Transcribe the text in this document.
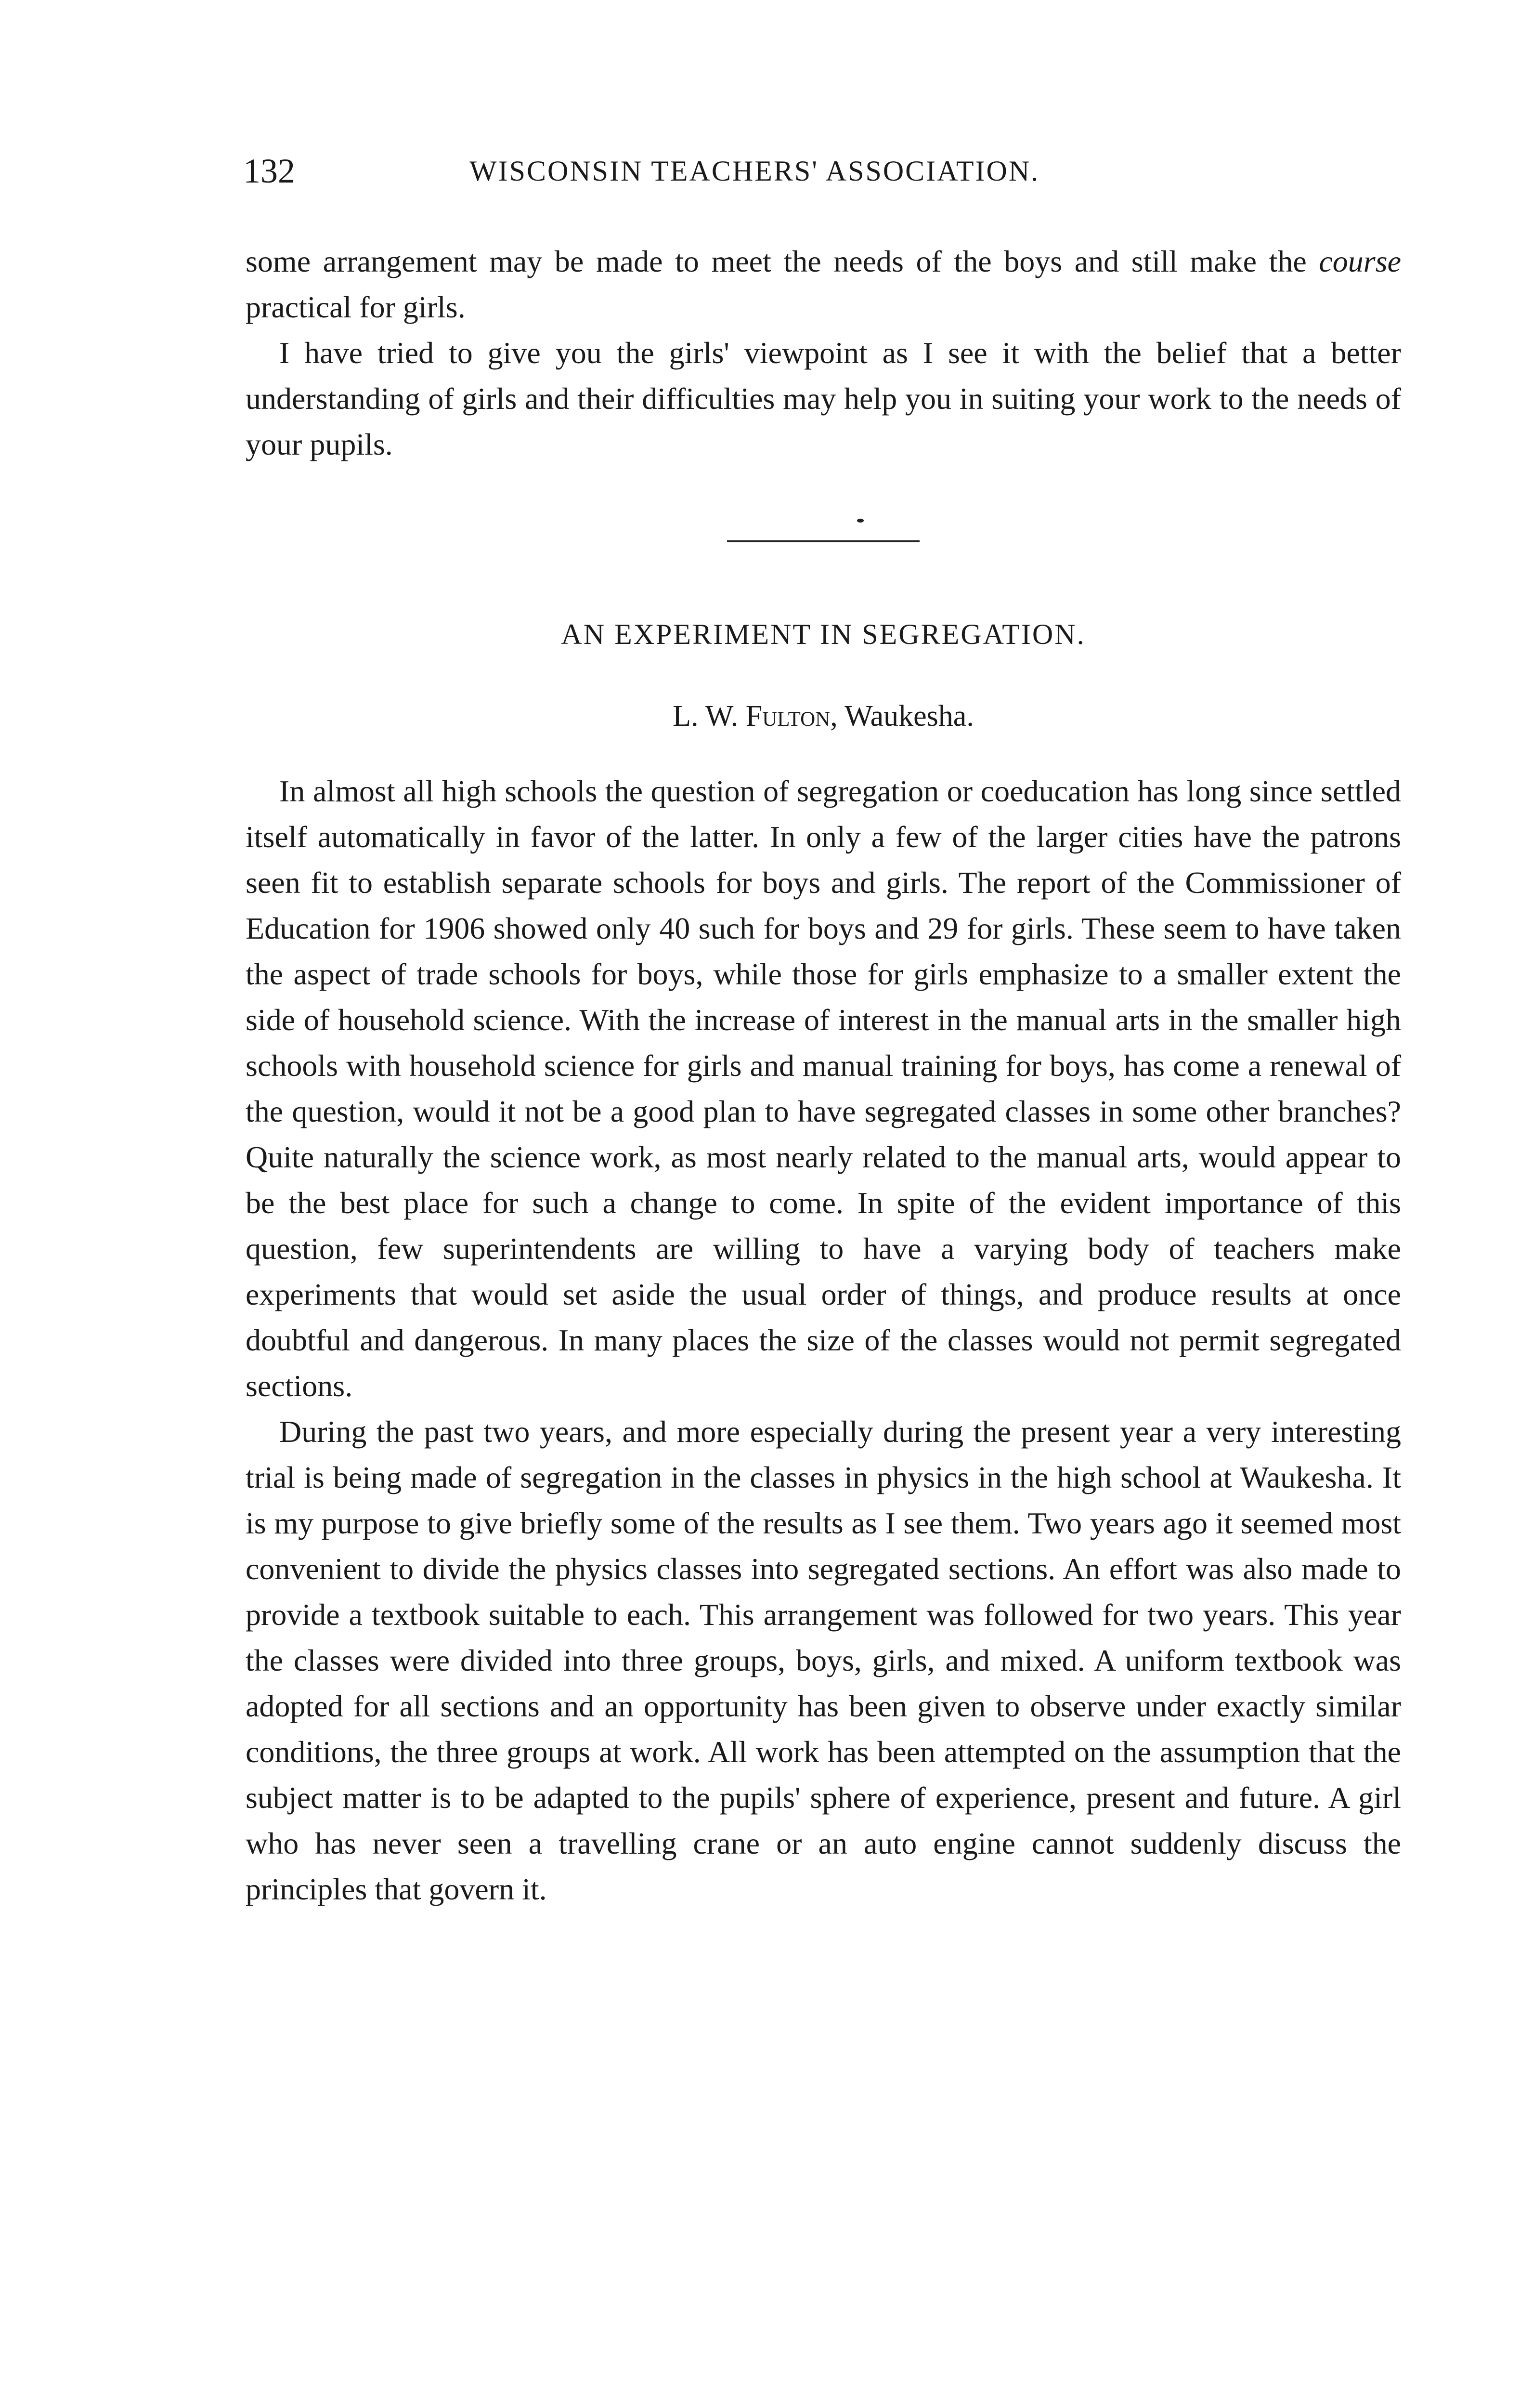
132	WISCONSIN TEACHERS' ASSOCIATION.

some arrangement may be made to meet the needs of the boys and still make the course practical for girls.

I have tried to give you the girls' viewpoint as I see it with the belief that a better understanding of girls and their difficulties may help you in suiting your work to the needs of your pupils.

AN EXPERIMENT IN SEGREGATION.
L. W. Fulton, Waukesha.

In almost all high schools the question of segregation or coeducation has long since settled itself automatically in favor of the latter. In only a few of the larger cities have the patrons seen fit to establish separate schools for boys and girls. The report of the Commissioner of Education for 1906 showed only 40 such for boys and 29 for girls. These seem to have taken the aspect of trade schools for boys, while those for girls emphasize to a smaller extent the side of household science. With the increase of interest in the manual arts in the smaller high schools with household science for girls and manual training for boys, has come a renewal of the question, would it not be a good plan to have segregated classes in some other branches? Quite naturally the science work, as most nearly related to the manual arts, would appear to be the best place for such a change to come. In spite of the evident importance of this question, few superintendents are willing to have a varying body of teachers make experiments that would set aside the usual order of things, and produce results at once doubtful and dangerous. In many places the size of the classes would not permit segregated sections.

During the past two years, and more especially during the present year a very interesting trial is being made of segregation in the classes in physics in the high school at Waukesha. It is my purpose to give briefly some of the results as I see them. Two years ago it seemed most convenient to divide the physics classes into segregated sections. An effort was also made to provide a textbook suitable to each. This arrangement was followed for two years. This year the classes were divided into three groups, boys, girls, and mixed. A uniform textbook was adopted for all sections and an opportunity has been given to observe under exactly similar conditions, the three groups at work. All work has been attempted on the assumption that the subject matter is to be adapted to the pupils' sphere of experience, present and future. A girl who has never seen a travelling crane or an auto engine cannot suddenly discuss the principles that govern it.
